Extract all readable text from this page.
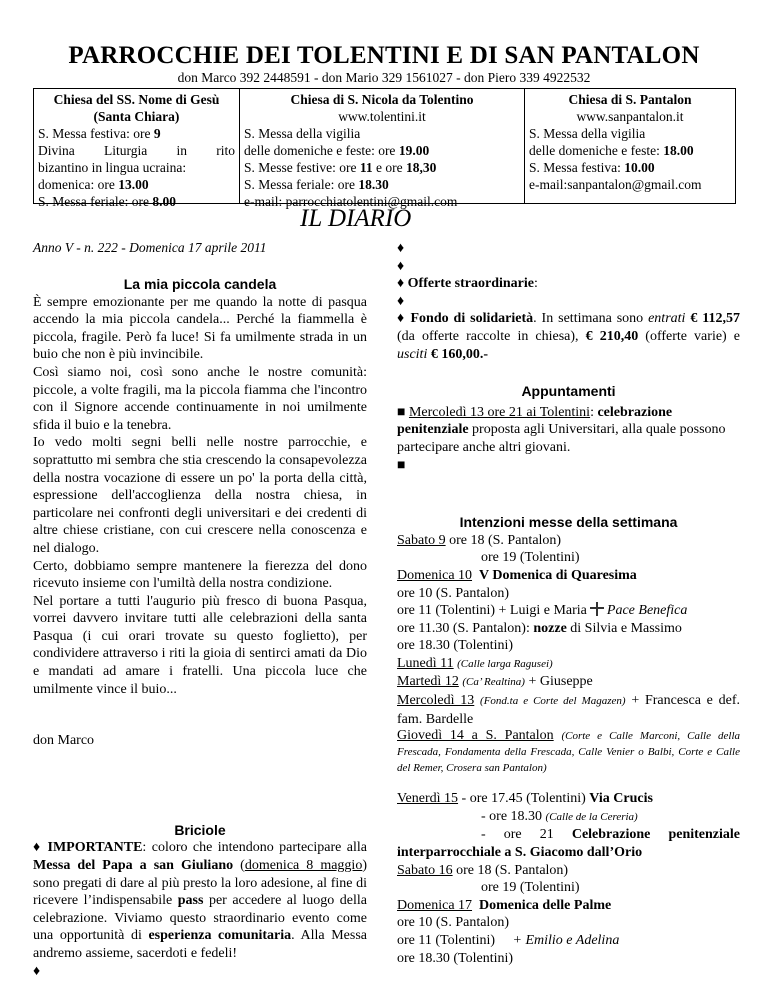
PARROCCHIE DEI TOLENTINI E DI SAN PANTALON
don Marco 392 2448591 - don Mario 329 1561027 - don Piero 339 4922532
Chiesa del SS. Nome di Gesù
(Santa Chiara)
S. Messa festiva: ore 9
Divina Liturgia in rito
bizantino in lingua ucraina:
domenica: ore 13.00
S. Messa feriale: ore 8.00
Chiesa di S. Nicola da Tolentino
www.tolentini.it
S. Messa della vigilia
delle domeniche e feste: ore 19.00
S. Messe festive: ore 11 e ore 18,30
S. Messa feriale: ore 18.30
e-mail: parrocchiatolentini@gmail.com
Chiesa di S. Pantalon
www.sanpantalon.it
S. Messa della vigilia
delle domeniche e feste: 18.00
S. Messa festiva: 10.00
e-mail:sanpantalon@gmail.com
IL DIARIO
Anno V - n. 222 - Domenica 17 aprile 2011
La mia piccola candela

È sempre emozionante per me quando la notte di pasqua accendo la mia piccola candela... Perché la fiammella è piccola, fragile. Però fa luce! Si fa umilmente strada in un buio che non è più invincibile.

Così siamo noi, così sono anche le nostre comunità: piccole, a volte fragili, ma la piccola fiamma che l'incontro con il Signore accende continuamente in noi umilmente sfida il buio e la tenebra.

Io vedo molti segni belli nelle nostre parrocchie, e soprattutto mi sembra che stia crescendo la consapevolezza della nostra vocazione di essere un po' la porta della città, espressione dell'accoglienza della nostra chiesa, in particolare nei confronti degli universitari e dei credenti di altre chiese cristiane, con cui crescere nella conoscenza e nel dialogo.

Certo, dobbiamo sempre mantenere la fierezza del dono ricevuto insieme con l'umiltà della nostra condizione.

Nel portare a tutti l'augurio più fresco di buona Pasqua, vorrei davvero invitare tutti alle celebrazioni della santa Pasqua (i cui orari trovate su questo foglietto), per condividere attraverso i riti la gioia di sentirci amati da Dio e mandati ad amare i fratelli. Una piccola luce che umilmente vince il buio...

don Marco

Briciole

♦ IMPORTANTE: coloro che intendono partecipare alla Messa del Papa a san Giuliano (domenica 8 maggio) sono pregati di dare al più presto la loro adesione, al fine di ricevere l’indispensabile pass per accedere al luogo della celebrazione. Viviamo questo straordinario evento come una opportunità di esperienza comunitaria. Alla Messa andremo assieme, sacerdoti e fedeli!

♦

♦

♦

♦ Offerte straordinarie:

♦

♦ Fondo di solidarietà. In settimana sono entrati € 112,57 (da offerte raccolte in chiesa), € 210,40 (offerte varie) e usciti € 160,00.-

Appuntamenti

■ Mercoledì 13 ore 21 ai Tolentini: celebrazione penitenziale proposta agli Universitari, alla quale possono partecipare anche altri giovani.

■

Intenzioni messe della settimana

Sabato 9 ore 18 (S. Pantalon)

ore 19 (Tolentini)

Domenica 10 V Domenica di Quaresima

ore 10 (S. Pantalon)

ore 11 (Tolentini) + Luigi e Maria Pace Benefica

ore 11.30 (S. Pantalon): nozze di Silvia e Massimo

ore 18.30 (Tolentini)

Lunedì 11 (Calle larga Ragusei)

Martedì 12 (Ca’ Realtina) + Giuseppe

Mercoledì 13 (Fond.ta e Corte del Magazen) + Francesca e def. fam. Bardelle

Giovedì 14 a S. Pantalon (Corte e Calle Marconi, Calle della Frescada, Fondamenta della Frescada, Calle Venier o Balbi, Corte e Calle del Remer, Crosera san Pantalon)

Venerdì 15 - ore 17.45 (Tolentini) Via Crucis

- ore 18.30 (Calle de la Cereria)

- ore 21 Celebrazione penitenziale interparrocchiale a S. Giacomo dall’Orio

Sabato 16 ore 18 (S. Pantalon)

ore 19 (Tolentini)

Domenica 17 Domenica delle Palme

ore 10 (S. Pantalon)

ore 11 (Tolentini) + Emilio e Adelina

ore 18.30 (Tolentini)
